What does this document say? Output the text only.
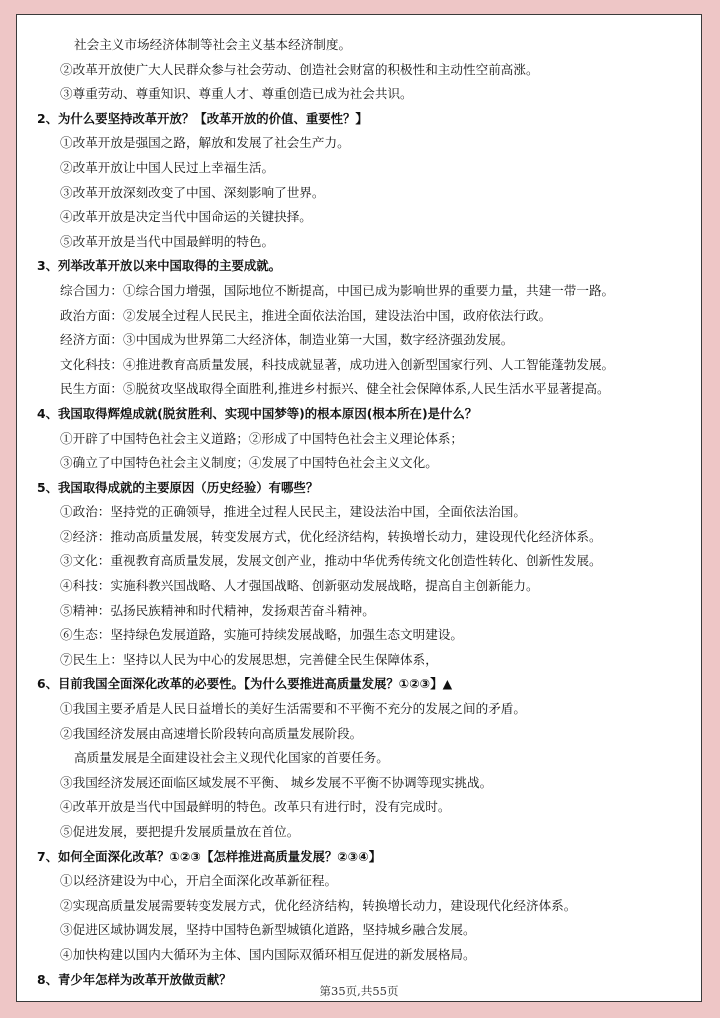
社会主义市场经济体制等社会主义基本经济制度。
②改革开放使广大人民群众参与社会劳动、创造社会财富的积极性和主动性空前高涨。
③尊重劳动、尊重知识、尊重人才、尊重创造已成为社会共识。
2、为什么要坚持改革开放？【改革开放的价值、重要性？】
①改革开放是强国之路，解放和发展了社会生产力。
②改革开放让中国人民过上幸福生活。
③改革开放深刻改变了中国、深刻影响了世界。
④改革开放是决定当代中国命运的关键抉择。
⑤改革开放是当代中国最鲜明的特色。
3、列举改革开放以来中国取得的主要成就。
综合国力：①综合国力增强，国际地位不断提高，中国已成为影响世界的重要力量，共建一带一路。
政治方面：②发展全过程人民民主，推进全面依法治国，建设法治中国，政府依法行政。
经济方面：③中国成为世界第二大经济体，制造业第一大国，数字经济强劲发展。
文化科技：④推进教育高质量发展，科技成就显著，成功进入创新型国家行列、人工智能蓬勃发展。
民生方面：⑤脱贫攻坚战取得全面胜利,推进乡村振兴、健全社会保障体系,人民生活水平显著提高。
4、我国取得辉煌成就(脱贫胜利、实现中国梦等)的根本原因(根本所在)是什么？
①开辟了中国特色社会主义道路；②形成了中国特色社会主义理论体系；
③确立了中国特色社会主义制度；④发展了中国特色社会主义文化。
5、我国取得成就的主要原因（历史经验）有哪些？
①政治：坚持党的正确领导，推进全过程人民民主，建设法治中国，全面依法治国。
②经济：推动高质量发展，转变发展方式，优化经济结构，转换增长动力，建设现代化经济体系。
③文化：重视教育高质量发展，发展文创产业，推动中华优秀传统文化创造性转化、创新性发展。
④科技：实施科教兴国战略、人才强国战略、创新驱动发展战略，提高自主创新能力。
⑤精神：弘扬民族精神和时代精神，发扬艰苦奋斗精神。
⑥生态：坚持绿色发展道路，实施可持续发展战略，加强生态文明建设。
⑦民生上：坚持以人民为中心的发展思想，完善健全民生保障体系，
6、目前我国全面深化改革的必要性。【为什么要推进高质量发展？①②③】▲
①我国主要矛盾是人民日益增长的美好生活需要和不平衡不充分的发展之间的矛盾。
②我国经济发展由高速增长阶段转向高质量发展阶段。
高质量发展是全面建设社会主义现代化国家的首要任务。
③我国经济发展还面临区域发展不平衡、 城乡发展不平衡不协调等现实挑战。
④改革开放是当代中国最鲜明的特色。改革只有进行时，没有完成时。
⑤促进发展，要把提升发展质量放在首位。
7、如何全面深化改革？①②③【怎样推进高质量发展？②③④】
①以经济建设为中心，开启全面深化改革新征程。
②实现高质量发展需要转变发展方式，优化经济结构，转换增长动力，建设现代化经济体系。
③促进区域协调发展，坚持中国特色新型城镇化道路，坚持城乡融合发展。
④加快构建以国内大循环为主体、国内国际双循环相互促进的新发展格局。
8、青少年怎样为改革开放做贡献？
第35页,共55页
